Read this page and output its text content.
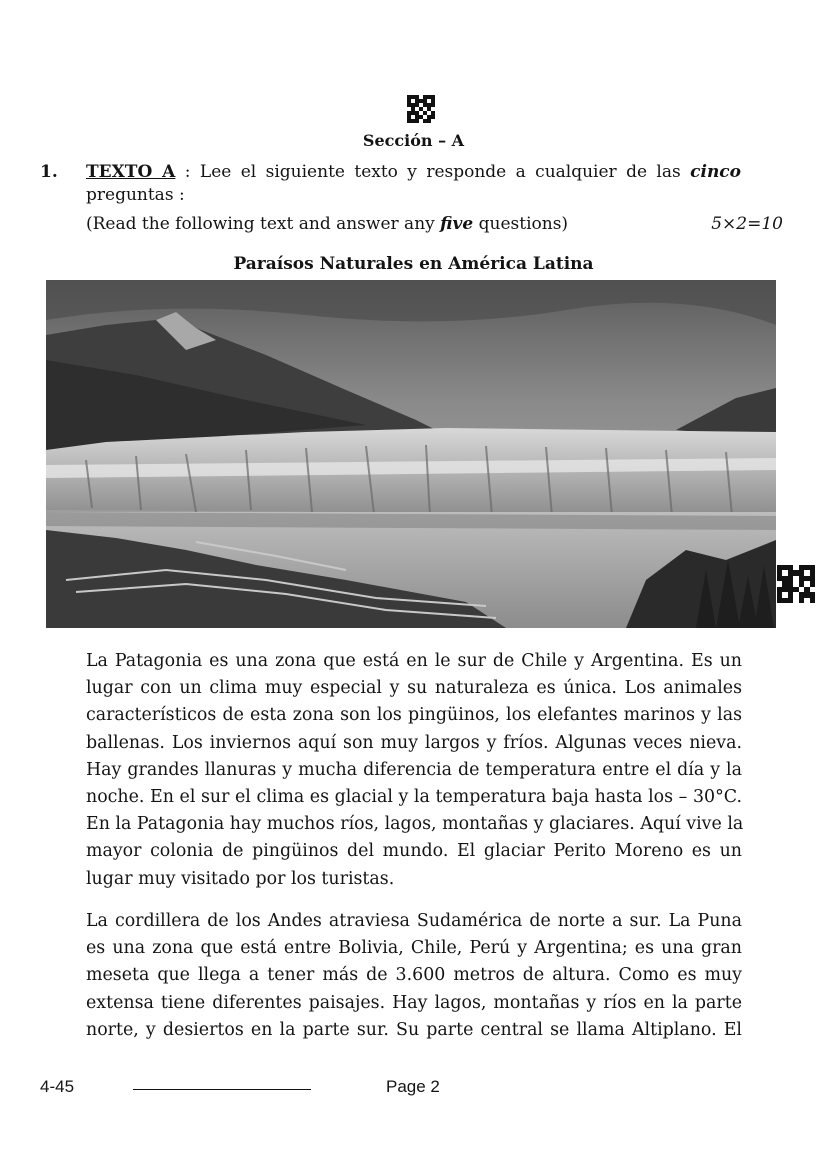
Sección – A
1. TEXTO A : Lee el siguiente texto y responde a cualquier de las cinco
preguntas :
(Read the following text and answer any five questions)	5×2=10
Paraísos Naturales en América Latina
La Patagonia es una zona que está en le sur de Chile y Argentina. Es un
lugar con un clima muy especial y su naturaleza es única. Los animales
característicos de esta zona son los pingüinos, los elefantes marinos y las
ballenas. Los inviernos aquí son muy largos y fríos. Algunas veces nieva.
Hay grandes llanuras y mucha diferencia de temperatura entre el día y la
noche. En el sur el clima es glacial y la temperatura baja hasta los – 30°C.
En la Patagonia hay muchos ríos, lagos, montañas y glaciares. Aquí vive la
mayor colonia de pingüinos del mundo. El glaciar Perito Moreno es un
lugar muy visitado por los turistas.
La cordillera de los Andes atraviesa Sudamérica de norte a sur. La Puna
es una zona que está entre Bolivia, Chile, Perú y Argentina; es una gran
meseta que llega a tener más de 3.600 metros de altura. Como es muy
extensa tiene diferentes paisajes. Hay lagos, montañas y ríos en la parte
norte, y desiertos en la parte sur. Su parte central se llama Altiplano. El
4-45	Page 2
